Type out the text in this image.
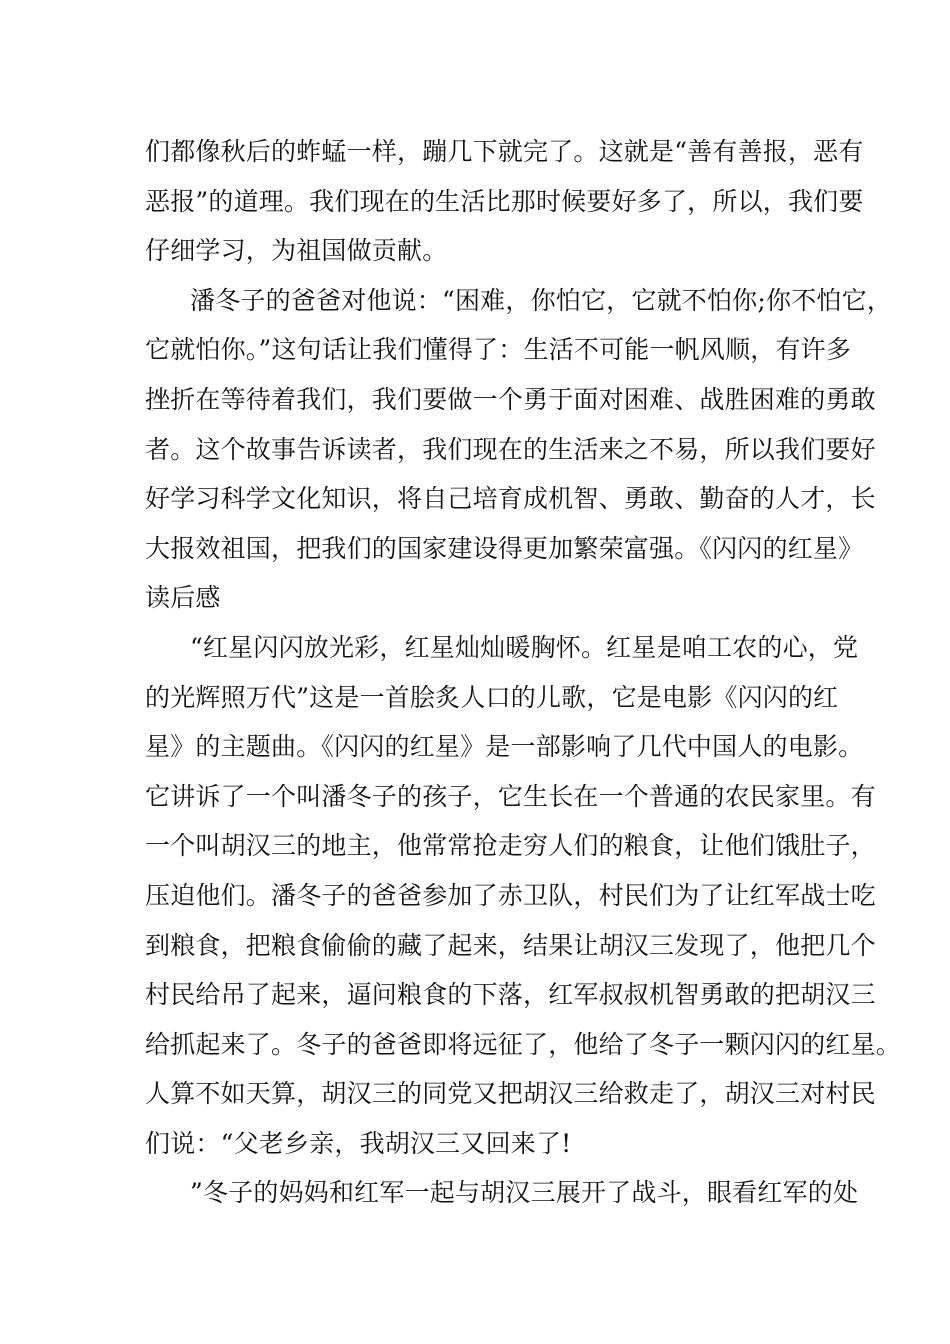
们都像秋后的蚱蜢一样，蹦几下就完了。这就是“善有善报，恶有
恶报”的道理。我们现在的生活比那时候要好多了，所以，我们要
仔细学习，为祖国做贡献。
潘冬子的爸爸对他说：“困难，你怕它，它就不怕你;你不怕它，
它就怕你。”这句话让我们懂得了：生活不可能一帆风顺，有许多
挫折在等待着我们，我们要做一个勇于面对困难、战胜困难的勇敢
者。这个故事告诉读者，我们现在的生活来之不易，所以我们要好
好学习科学文化知识，将自己培育成机智、勇敢、勤奋的人才，长
大报效祖国，把我们的国家建设得更加繁荣富强。《闪闪的红星》
读后感
“红星闪闪放光彩，红星灿灿暖胸怀。红星是咱工农的心，党
的光辉照万代”这是一首脍炙人口的儿歌，它是电影《闪闪的红
星》的主题曲。《闪闪的红星》是一部影响了几代中国人的电影。
它讲诉了一个叫潘冬子的孩子，它生长在一个普通的农民家里。有
一个叫胡汉三的地主，他常常抢走穷人们的粮食，让他们饿肚子，
压迫他们。潘冬子的爸爸参加了赤卫队，村民们为了让红军战士吃
到粮食，把粮食偷偷的藏了起来，结果让胡汉三发现了，他把几个
村民给吊了起来，逼问粮食的下落，红军叔叔机智勇敢的把胡汉三
给抓起来了。冬子的爸爸即将远征了，他给了冬子一颗闪闪的红星。
人算不如天算，胡汉三的同党又把胡汉三给救走了，胡汉三对村民
们说：“父老乡亲，我胡汉三又回来了!
”冬子的妈妈和红军一起与胡汉三展开了战斗，眼看红军的处
